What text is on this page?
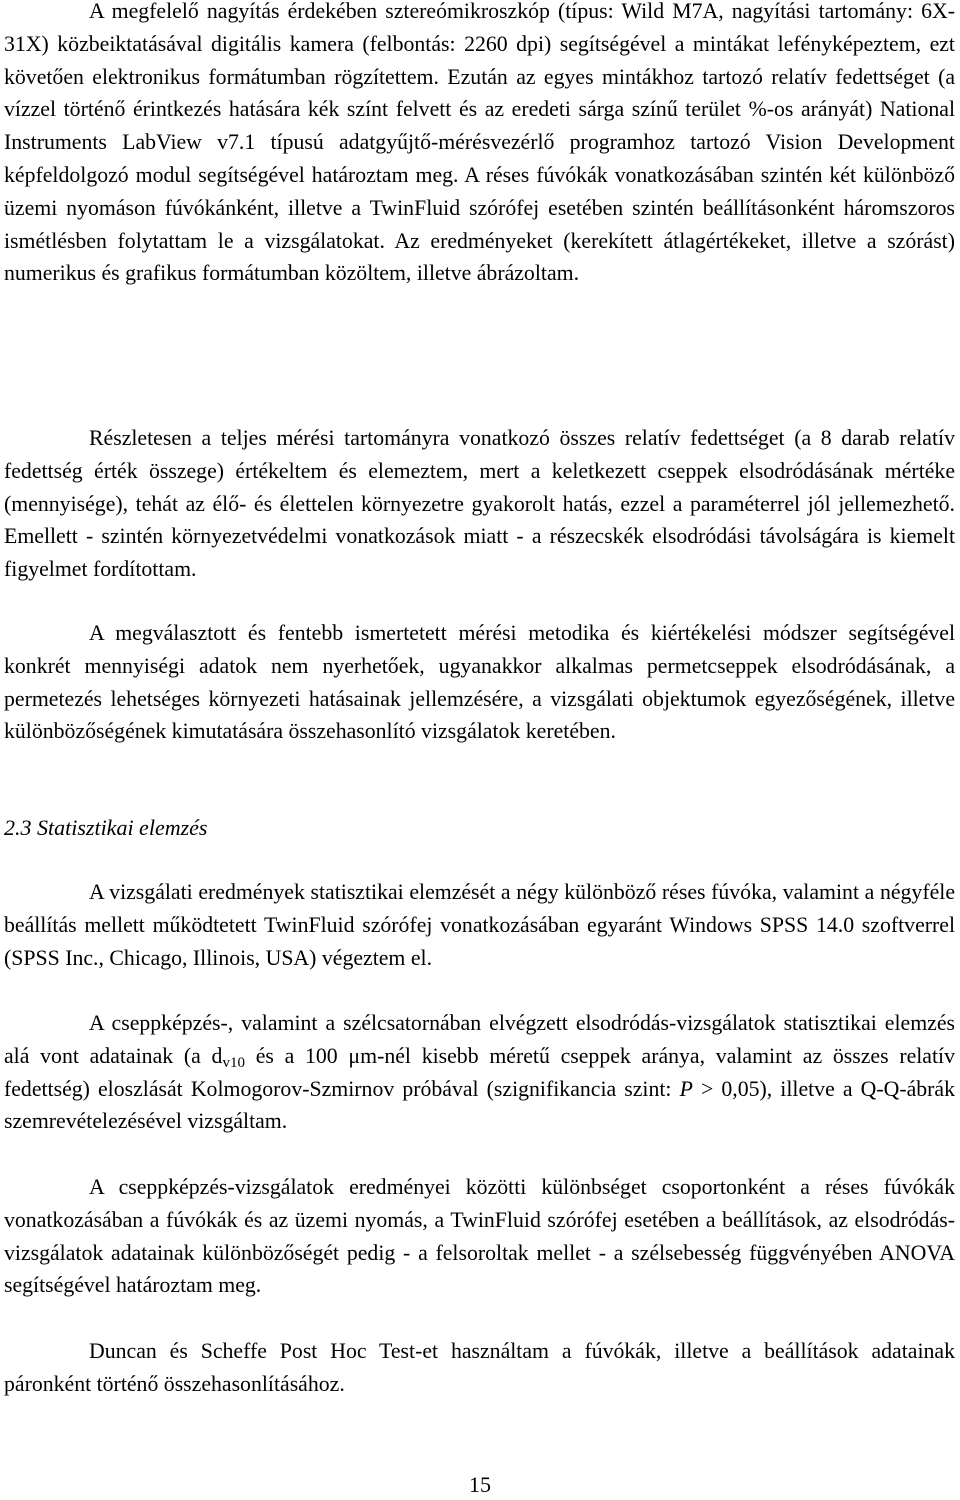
A megfelelő nagyítás érdekében sztereómikroszkóp (típus: Wild M7A, nagyítási tartomány: 6X-31X) közbeiktatásával digitális kamera (felbontás: 2260 dpi) segítségével a mintákat lefényképeztem, ezt követően elektronikus formátumban rögzítettem. Ezután az egyes mintákhoz tartozó relatív fedettséget (a vízzel történő érintkezés hatására kék színt felvett és az eredeti sárga színű terület %-os arányát) National Instruments LabView v7.1 típusú adatgyűjtő-mérésvezérlő programhoz tartozó Vision Development képfeldolgozó modul segítségével határoztam meg. A réses fúvókák vonatkozásában szintén két különböző üzemi nyomáson fúvókánként, illetve a TwinFluid szórófej esetében szintén beállításonként háromszoros ismétlésben folytattam le a vizsgálatokat. Az eredményeket (kerekített átlagértékeket, illetve a szórást) numerikus és grafikus formátumban közöltem, illetve ábrázoltam.

Részletesen a teljes mérési tartományra vonatkozó összes relatív fedettséget (a 8 darab relatív fedettség érték összege) értékeltem és elemeztem, mert a keletkezett cseppek elsodródásának mértéke (mennyisége), tehát az élő- és élettelen környezetre gyakorolt hatás, ezzel a paraméterrel jól jellemezhető. Emellett - szintén környezetvédelmi vonatkozások miatt - a részecskék elsodródási távolságára is kiemelt figyelmet fordítottam.

A megválasztott és fentebb ismertetett mérési metodika és kiértékelési módszer segítségével konkrét mennyiségi adatok nem nyerhetőek, ugyanakkor alkalmas permetcseppek elsodródásának, a permetezés lehetséges környezeti hatásainak jellemzésére, a vizsgálati objektumok egyezőségének, illetve különbözőségének kimutatására összehasonlító vizsgálatok keretében.

2.3 Statisztikai elemzés

A vizsgálati eredmények statisztikai elemzését a négy különböző réses fúvóka, valamint a négyféle beállítás mellett működtetett TwinFluid szórófej vonatkozásában egyaránt Windows SPSS 14.0 szoftverrel (SPSS Inc., Chicago, Illinois, USA) végeztem el.

A cseppképzés-, valamint a szélcsatornában elvégzett elsodródás-vizsgálatok statisztikai elemzés alá vont adatainak (a $d_{v10}$ és a 100 μm-nél kisebb méretű cseppek aránya, valamint az összes relatív fedettség) eloszlását Kolmogorov-Szmirnov próbával (szignifikancia szint: P > 0,05), illetve a Q-Q-ábrák szemrevételezésével vizsgáltam.

A cseppképzés-vizsgálatok eredményei közötti különbséget csoportonként a réses fúvókák vonatkozásában a fúvókák és az üzemi nyomás, a TwinFluid szórófej esetében a beállítások, az elsodródás-vizsgálatok adatainak különbözőségét pedig - a felsoroltak mellet - a szélsebesség függvényében ANOVA segítségével határoztam meg.

Duncan és Scheffe Post Hoc Test-et használtam a fúvókák, illetve a beállítások adatainak páronként történő összehasonlításához.

15
